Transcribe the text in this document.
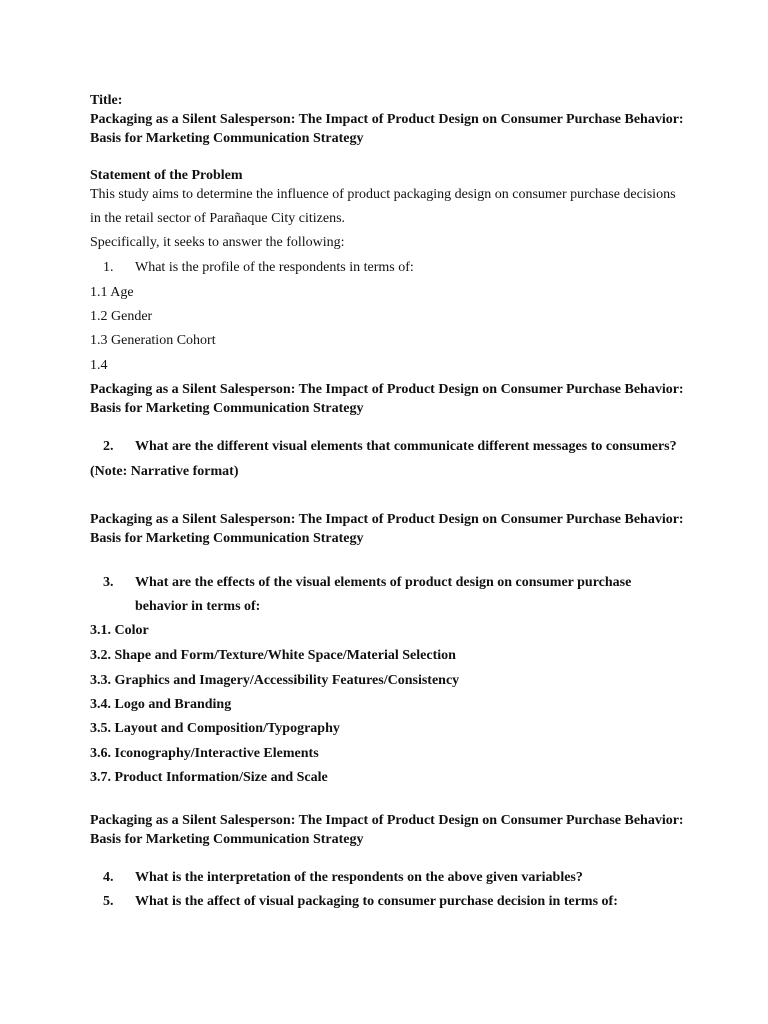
Title:
Packaging as a Silent Salesperson: The Impact of Product Design on Consumer Purchase Behavior:
Basis for Marketing Communication Strategy
Statement of the Problem
This study aims to determine the influence of product packaging design on consumer purchase decisions
in the retail sector of Parañaque City citizens.
Specifically, it seeks to answer the following:
1. What is the profile of the respondents in terms of:
1.1 Age
1.2 Gender
1.3 Generation Cohort
1.4
Packaging as a Silent Salesperson: The Impact of Product Design on Consumer Purchase Behavior:
Basis for Marketing Communication Strategy
2. What are the different visual elements that communicate different messages to consumers?
(Note: Narrative format)
Packaging as a Silent Salesperson: The Impact of Product Design on Consumer Purchase Behavior:
Basis for Marketing Communication Strategy
3. What are the effects of the visual elements of product design on consumer purchase
behavior in terms of:
3.1. Color
3.2. Shape and Form/Texture/White Space/Material Selection
3.3. Graphics and Imagery/Accessibility Features/Consistency
3.4. Logo and Branding
3.5. Layout and Composition/Typography
3.6. Iconography/Interactive Elements
3.7. Product Information/Size and Scale
Packaging as a Silent Salesperson: The Impact of Product Design on Consumer Purchase Behavior:
Basis for Marketing Communication Strategy
4. What is the interpretation of the respondents on the above given variables?
5. What is the affect of visual packaging to consumer purchase decision in terms of:
